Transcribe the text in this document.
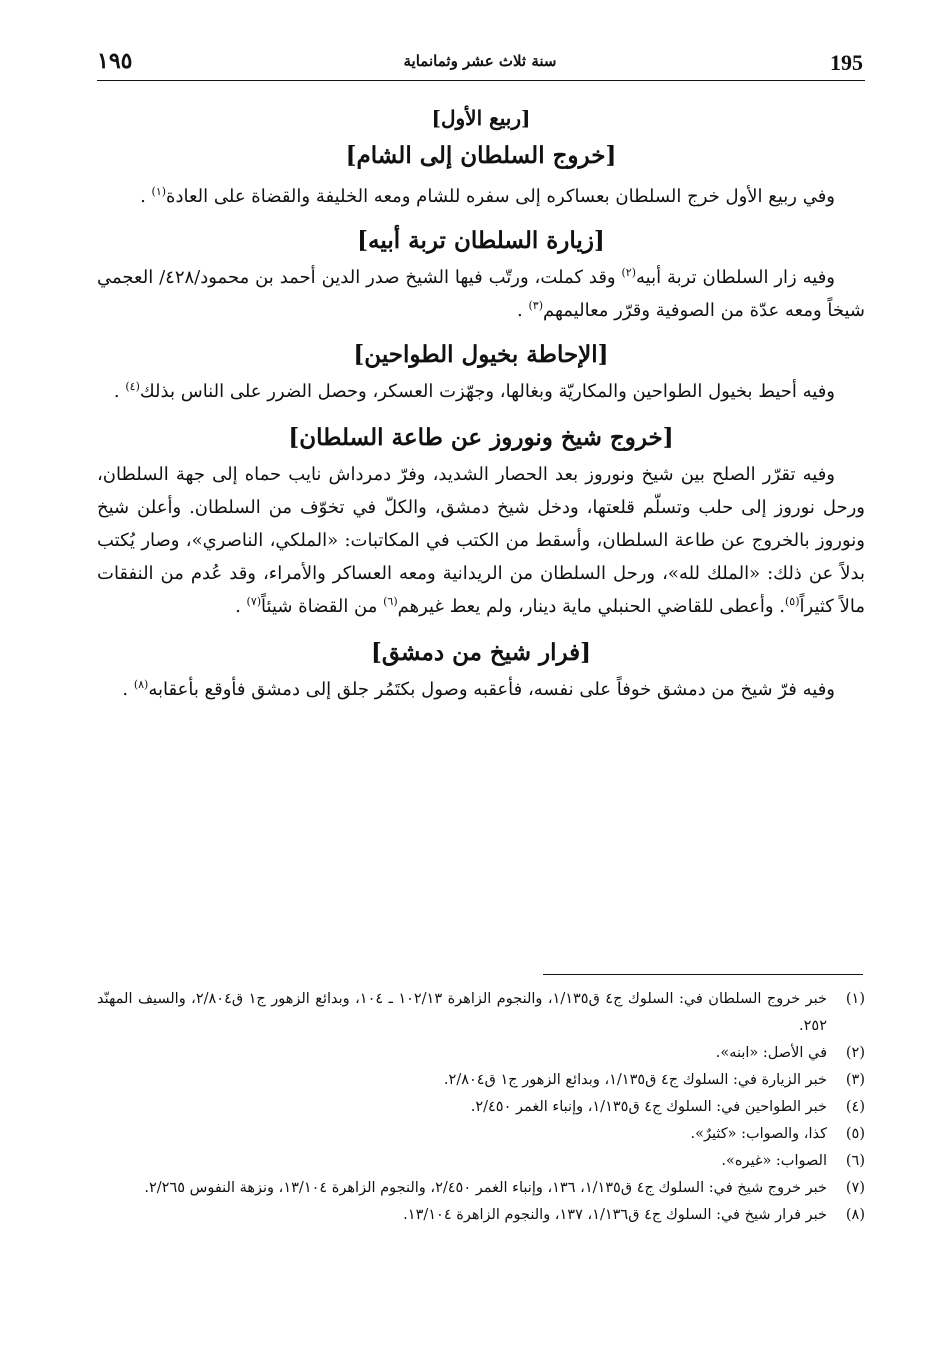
١٩٥	سنة ثلاث عشر وثمانماية	195
[ربيع الأول]
[خروج السلطان إلى الشام]

وفي ربيع الأول خرج السلطان بعساكره إلى سفره للشام ومعه الخليفة والقضاة على العادة$^{(١)}$ .

[زيارة السلطان تربة أبيه]

وفيه زار السلطان تربة أبيه$^{(٢)}$ وقد كملت، ورتّب فيها الشيخ صدر الدين أحمد بن محمود/٤٢٨/ العجمي شيخاً ومعه عدّة من الصوفية وقرّر معاليمهم$^{(٣)}$ .

[الإحاطة بخيول الطواحين]

وفيه أحيط بخيول الطواحين والمكاريّة وبغالها، وجهّزت العسكر، وحصل الضرر على الناس بذلك$^{(٤)}$ .

[خروج شيخ ونوروز عن طاعة السلطان]

وفيه تقرّر الصلح بين شيخ ونوروز بعد الحصار الشديد، وفرّ دمرداش نايب حماه إلى جهة السلطان، ورحل نوروز إلى حلب وتسلّم قلعتها، ودخل شيخ دمشق، والكلّ في تخوّف من السلطان. وأعلن شيخ ونوروز بالخروج عن طاعة السلطان، وأسقط من الكتب في المكاتبات: «الملكي، الناصري»، وصار يُكتب بدلاً عن ذلك: «الملك لله»، ورحل السلطان من الريدانية ومعه العساكر والأمراء، وقد عُدم من النفقات مالاً كثيراً$^{(٥)}$. وأعطى للقاضي الحنبلي ماية دينار، ولم يعط غيرهم$^{(٦)}$ من القضاة شيئاً$^{(٧)}$ .

[فرار شيخ من دمشق]

وفيه فرّ شيخ من دمشق خوفاً على نفسه، فأعقبه وصول بكتَمُر جلق إلى دمشق فأوقع بأعقابه$^{(٨)}$ .

(١)
خبر خروج السلطان في: السلوك ج٤ ق١/١٣٥، والنجوم الزاهرة ١٠٢/١٣ ـ ١٠٤، وبدائع الزهور ج١ ق٢/٨٠٤، والسيف المهنّد ٢٥٢.
(٢)
في الأصل: «ابنه».
(٣)
خبر الزيارة في: السلوك ج٤ ق١/١٣٥، وبدائع الزهور ج١ ق٢/٨٠٤.
(٤)
خبر الطواحين في: السلوك ج٤ ق١/١٣٥، وإنباء الغمر ٢/٤٥٠.
(٥)
كذا، والصواب: «كثيرٌ».
(٦)
الصواب: «غيره».
(٧)
خبر خروج شيخ في: السلوك ج٤ ق١/١٣٥، ١٣٦، وإنباء الغمر ٢/٤٥٠، والنجوم الزاهرة ١٣/١٠٤، ونزهة النفوس ٢/٢٦٥.
(٨)
خبر فرار شيخ في: السلوك ج٤ ق١/١٣٦، ١٣٧، والنجوم الزاهرة ١٣/١٠٤.
